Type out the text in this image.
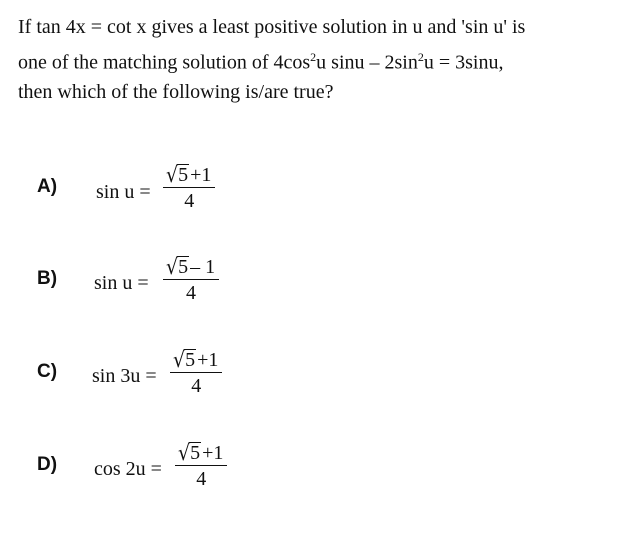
If tan 4x = cot x gives a least positive solution in u and 'sin u' is
one of the matching solution of $4\cos^2u$ $\sin u - 2\sin^2u = 3\sin u$,
then which of the following is/are true?
A) sin u =
√5 +1
4
B) sin u =
√5 – 1
4
C) sin 3u =
√5 +1
4
D) cos 2u =
√5 +1
4
